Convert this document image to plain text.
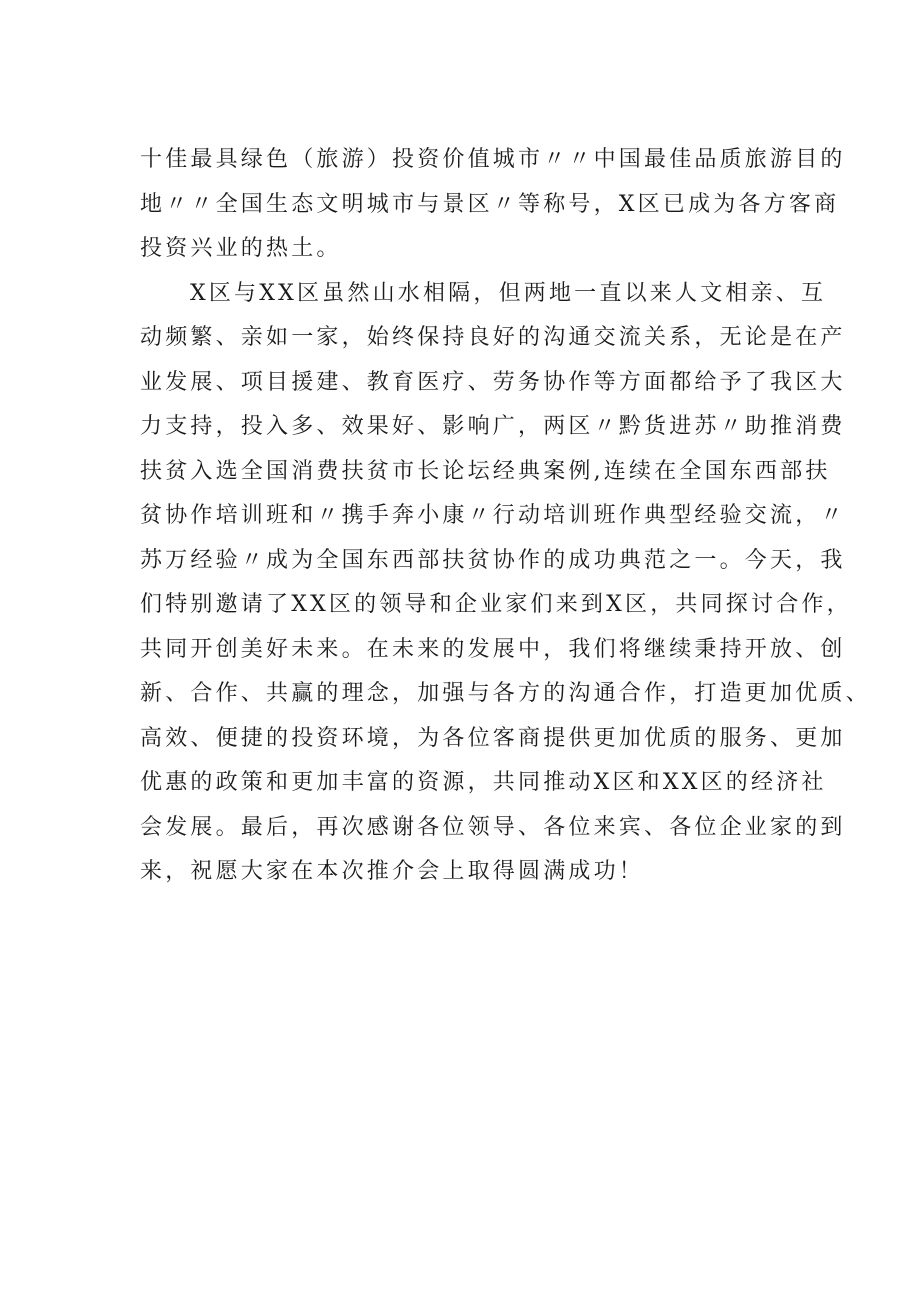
十佳最具绿色（旅游）投资价值城市〃〃中国最佳品质旅游目的
地〃〃全国生态文明城市与景区〃等称号，X区已成为各方客商
投资兴业的热土。
X区与XX区虽然山水相隔，但两地一直以来人文相亲、互
动频繁、亲如一家，始终保持良好的沟通交流关系，无论是在产
业发展、项目援建、教育医疗、劳务协作等方面都给予了我区大
力支持，投入多、效果好、影响广，两区〃黔货进苏〃助推消费
扶贫入选全国消费扶贫市长论坛经典案例,连续在全国东西部扶
贫协作培训班和〃携手奔小康〃行动培训班作典型经验交流，〃
苏万经验〃成为全国东西部扶贫协作的成功典范之一。今天，我
们特别邀请了XX区的领导和企业家们来到X区，共同探讨合作，
共同开创美好未来。在未来的发展中，我们将继续秉持开放、创
新、合作、共赢的理念，加强与各方的沟通合作，打造更加优质、
高效、便捷的投资环境，为各位客商提供更加优质的服务、更加
优惠的政策和更加丰富的资源，共同推动X区和XX区的经济社
会发展。最后，再次感谢各位领导、各位来宾、各位企业家的到
来，祝愿大家在本次推介会上取得圆满成功！
